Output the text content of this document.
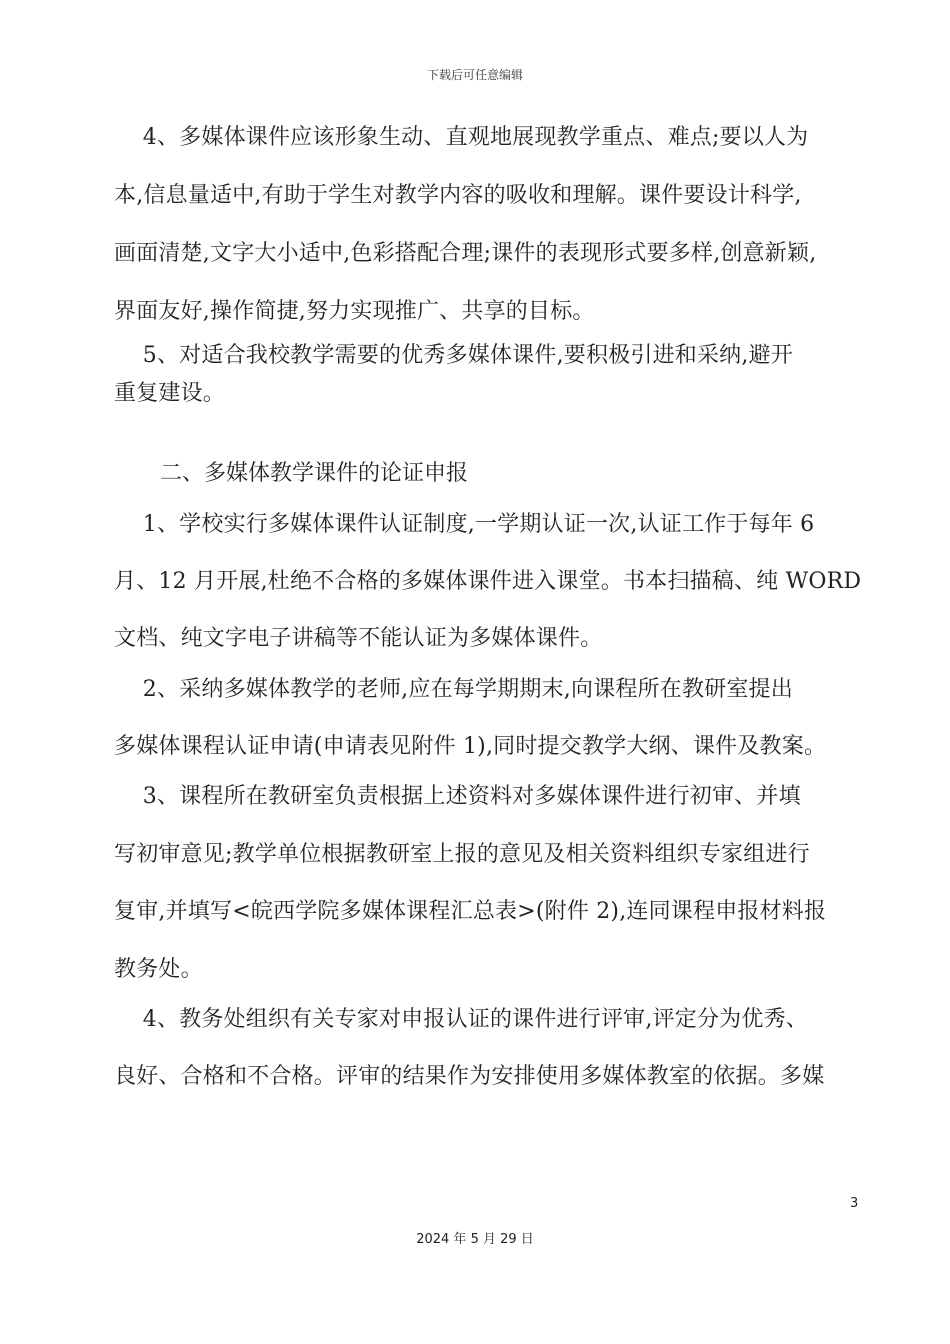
下载后可任意编辑
4、多媒体课件应该形象生动、直观地展现教学重点、难点;要以人为
本,信息量适中,有助于学生对教学内容的吸收和理解。课件要设计科学,
画面清楚,文字大小适中,色彩搭配合理;课件的表现形式要多样,创意新颖,
界面友好,操作简捷,努力实现推广、共享的目标。
5、对适合我校教学需要的优秀多媒体课件,要积极引进和采纳,避开
重复建设。
二、多媒体教学课件的论证申报
1、学校实行多媒体课件认证制度,一学期认证一次,认证工作于每年 6
月、12 月开展,杜绝不合格的多媒体课件进入课堂。书本扫描稿、纯 WORD
文档、纯文字电子讲稿等不能认证为多媒体课件。
2、采纳多媒体教学的老师,应在每学期期末,向课程所在教研室提出
多媒体课程认证申请(申请表见附件 1),同时提交教学大纲、课件及教案。
3、课程所在教研室负责根据上述资料对多媒体课件进行初审、并填
写初审意见;教学单位根据教研室上报的意见及相关资料组织专家组进行
复审,并填写<皖西学院多媒体课程汇总表>(附件 2),连同课程申报材料报
教务处。
4、教务处组织有关专家对申报认证的课件进行评审,评定分为优秀、
良好、合格和不合格。评审的结果作为安排使用多媒体教室的依据。多媒
3
2024 年 5 月 29 日
